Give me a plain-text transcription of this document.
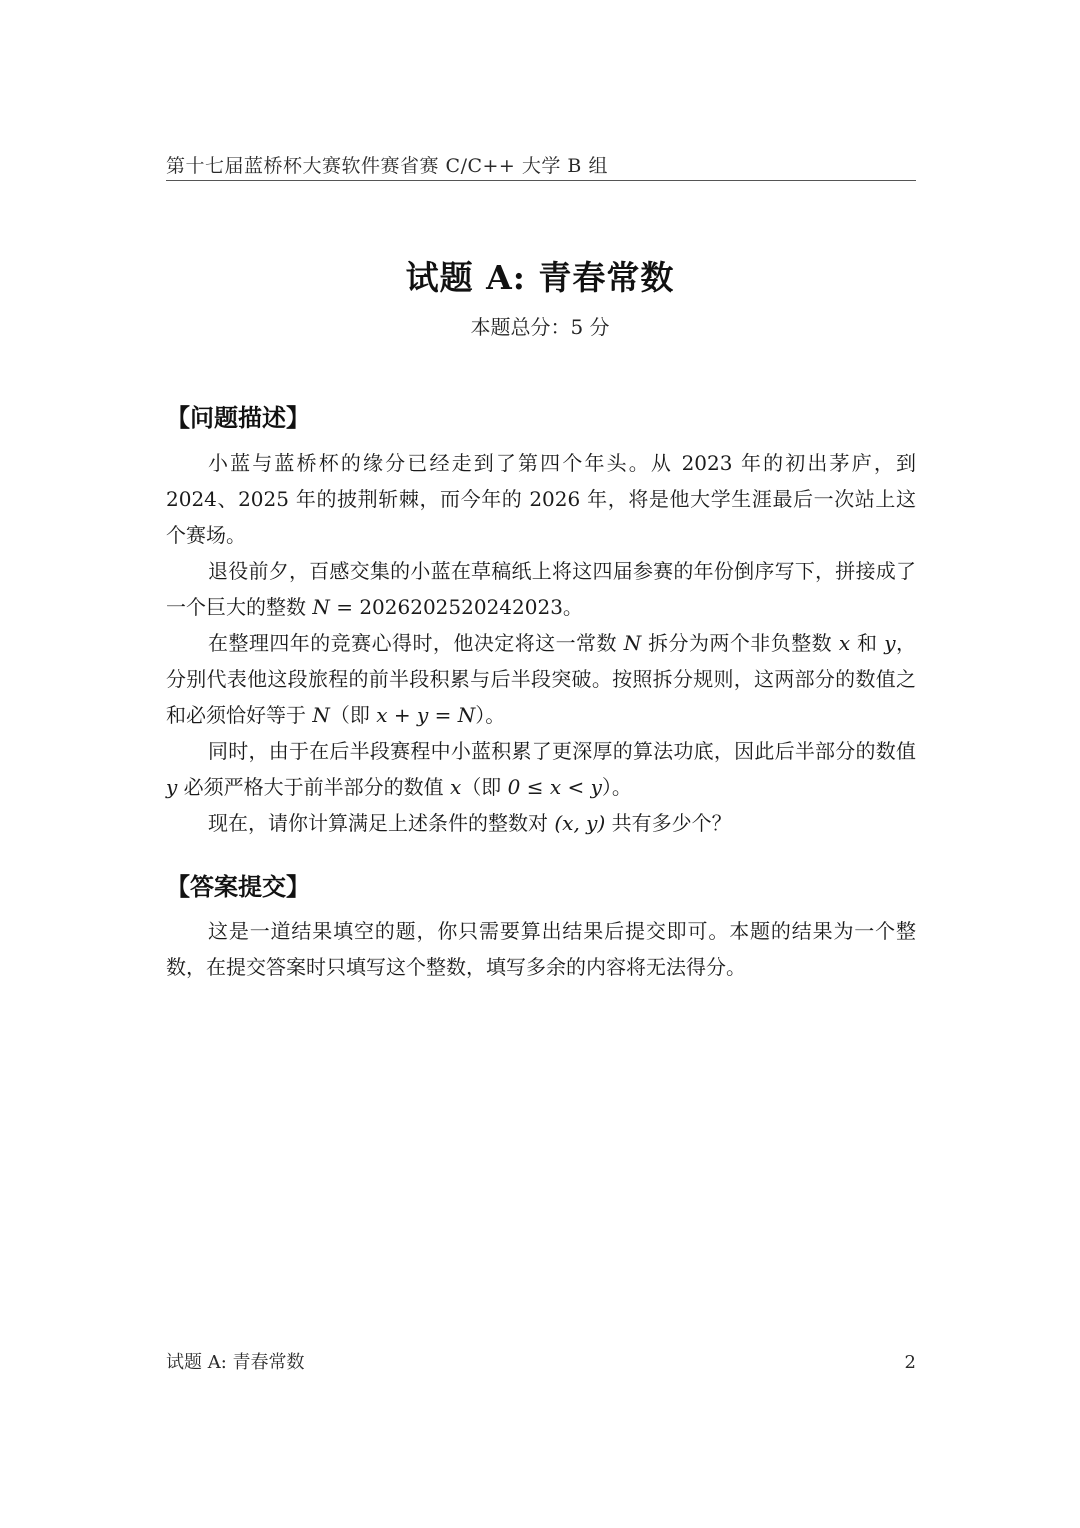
第十七届蓝桥杯大赛软件赛省赛 C/C++ 大学 B 组
试题 A: 青春常数
本题总分：5 分
【问题描述】

小蓝与蓝桥杯的缘分已经走到了第四个年头。从 2023 年的初出茅庐，到 2024、2025 年的披荆斩棘，而今年的 2026 年，将是他大学生涯最后一次站上这个赛场。

退役前夕，百感交集的小蓝在草稿纸上将这四届参赛的年份倒序写下，拼接成了一个巨大的整数 N = 2026202520242023。

在整理四年的竞赛心得时，他决定将这一常数 N 拆分为两个非负整数 x 和 y，分别代表他这段旅程的前半段积累与后半段突破。按照拆分规则，这两部分的数值之和必须恰好等于 N（即 x + y = N）。

同时，由于在后半段赛程中小蓝积累了更深厚的算法功底，因此后半部分的数值 y 必须严格大于前半部分的数值 x（即 0 ≤ x < y）。

现在，请你计算满足上述条件的整数对 (x, y) 共有多少个？

【答案提交】

这是一道结果填空的题，你只需要算出结果后提交即可。本题的结果为一个整数，在提交答案时只填写这个整数，填写多余的内容将无法得分。

试题 A: 青春常数	2
